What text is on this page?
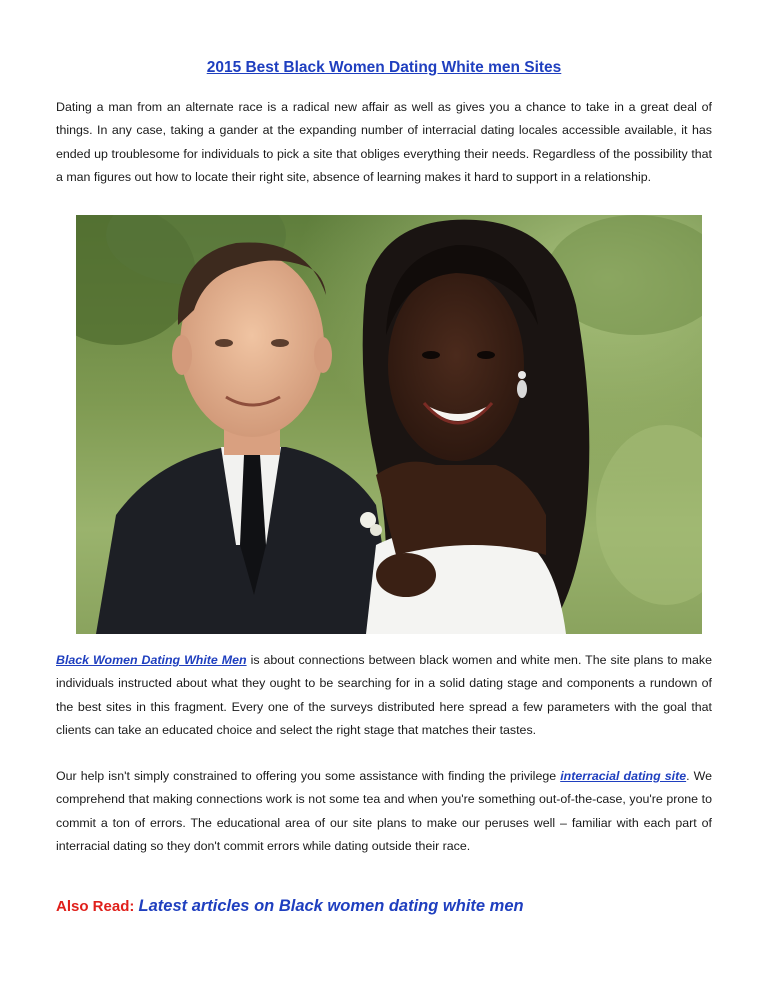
2015 Best Black Women Dating White men Sites

Dating a man from an alternate race is a radical new affair as well as gives you a chance to take in a great deal of things. In any case, taking a gander at the expanding number of interracial dating locales accessible available, it has ended up troublesome for individuals to pick a site that obliges everything their needs. Regardless of the possibility that a man figures out how to locate their right site, absence of learning makes it hard to support in a relationship.

Black Women Dating White Men is about connections between black women and white men. The site plans to make individuals instructed about what they ought to be searching for in a solid dating stage and components a rundown of the best sites in this fragment. Every one of the surveys distributed here spread a few parameters with the goal that clients can take an educated choice and select the right stage that matches their tastes.

Our help isn't simply constrained to offering you some assistance with finding the privilege interracial dating site. We comprehend that making connections work is not some tea and when you're something out-of-the-case, you're prone to commit a ton of errors. The educational area of our site plans to make our peruses well – familiar with each part of interracial dating so they don't commit errors while dating outside their race.

Also Read: Latest articles on Black women dating white men
